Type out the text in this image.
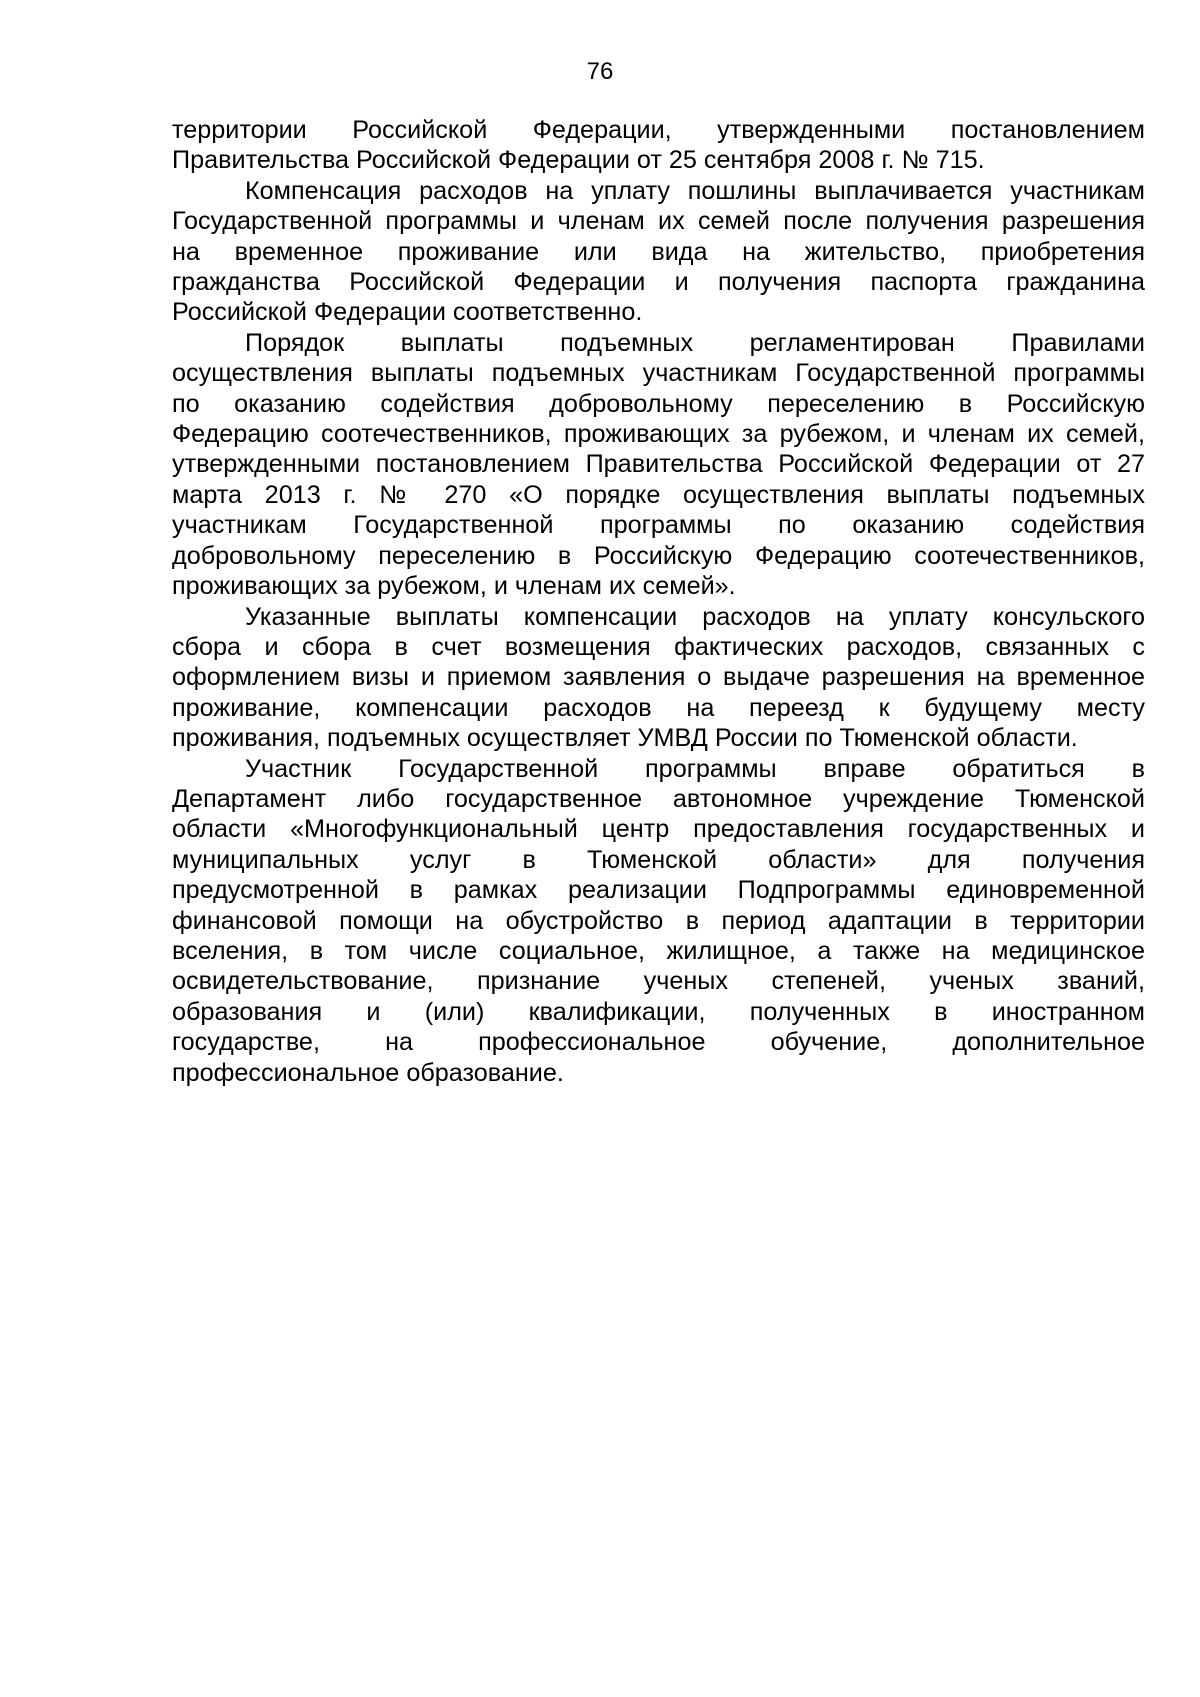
76

территории Российской Федерации, утвержденными постановлением
Правительства Российской Федерации от 25 сентября 2008 г. № 715.

Компенсация расходов на уплату пошлины выплачивается участникам
Государственной программы и членам их семей после получения разрешения
на временное проживание или вида на жительство, приобретения
гражданства Российской Федерации и получения паспорта гражданина
Российской Федерации соответственно.

Порядок выплаты подъемных регламентирован Правилами
осуществления выплаты подъемных участникам Государственной программы
по оказанию содействия добровольному переселению в Российскую
Федерацию соотечественников, проживающих за рубежом, и членам их семей,
утвержденными постановлением Правительства Российской Федерации от 27
марта 2013 г. № 270 «О порядке осуществления выплаты подъемных
участникам Государственной программы по оказанию содействия
добровольному переселению в Российскую Федерацию соотечественников,
проживающих за рубежом, и членам их семей».

Указанные выплаты компенсации расходов на уплату консульского
сбора и сбора в счет возмещения фактических расходов, связанных с
оформлением визы и приемом заявления о выдаче разрешения на временное
проживание, компенсации расходов на переезд к будущему месту
проживания, подъемных осуществляет УМВД России по Тюменской области.

Участник Государственной программы вправе обратиться в
Департамент либо государственное автономное учреждение Тюменской
области «Многофункциональный центр предоставления государственных и
муниципальных услуг в Тюменской области» для получения
предусмотренной в рамках реализации Подпрограммы единовременной
финансовой помощи на обустройство в период адаптации в территории
вселения, в том числе социальное, жилищное, а также на медицинское
освидетельствование, признание ученых степеней, ученых званий,
образования и (или) квалификации, полученных в иностранном
государстве, на профессиональное обучение, дополнительное
профессиональное образование.
